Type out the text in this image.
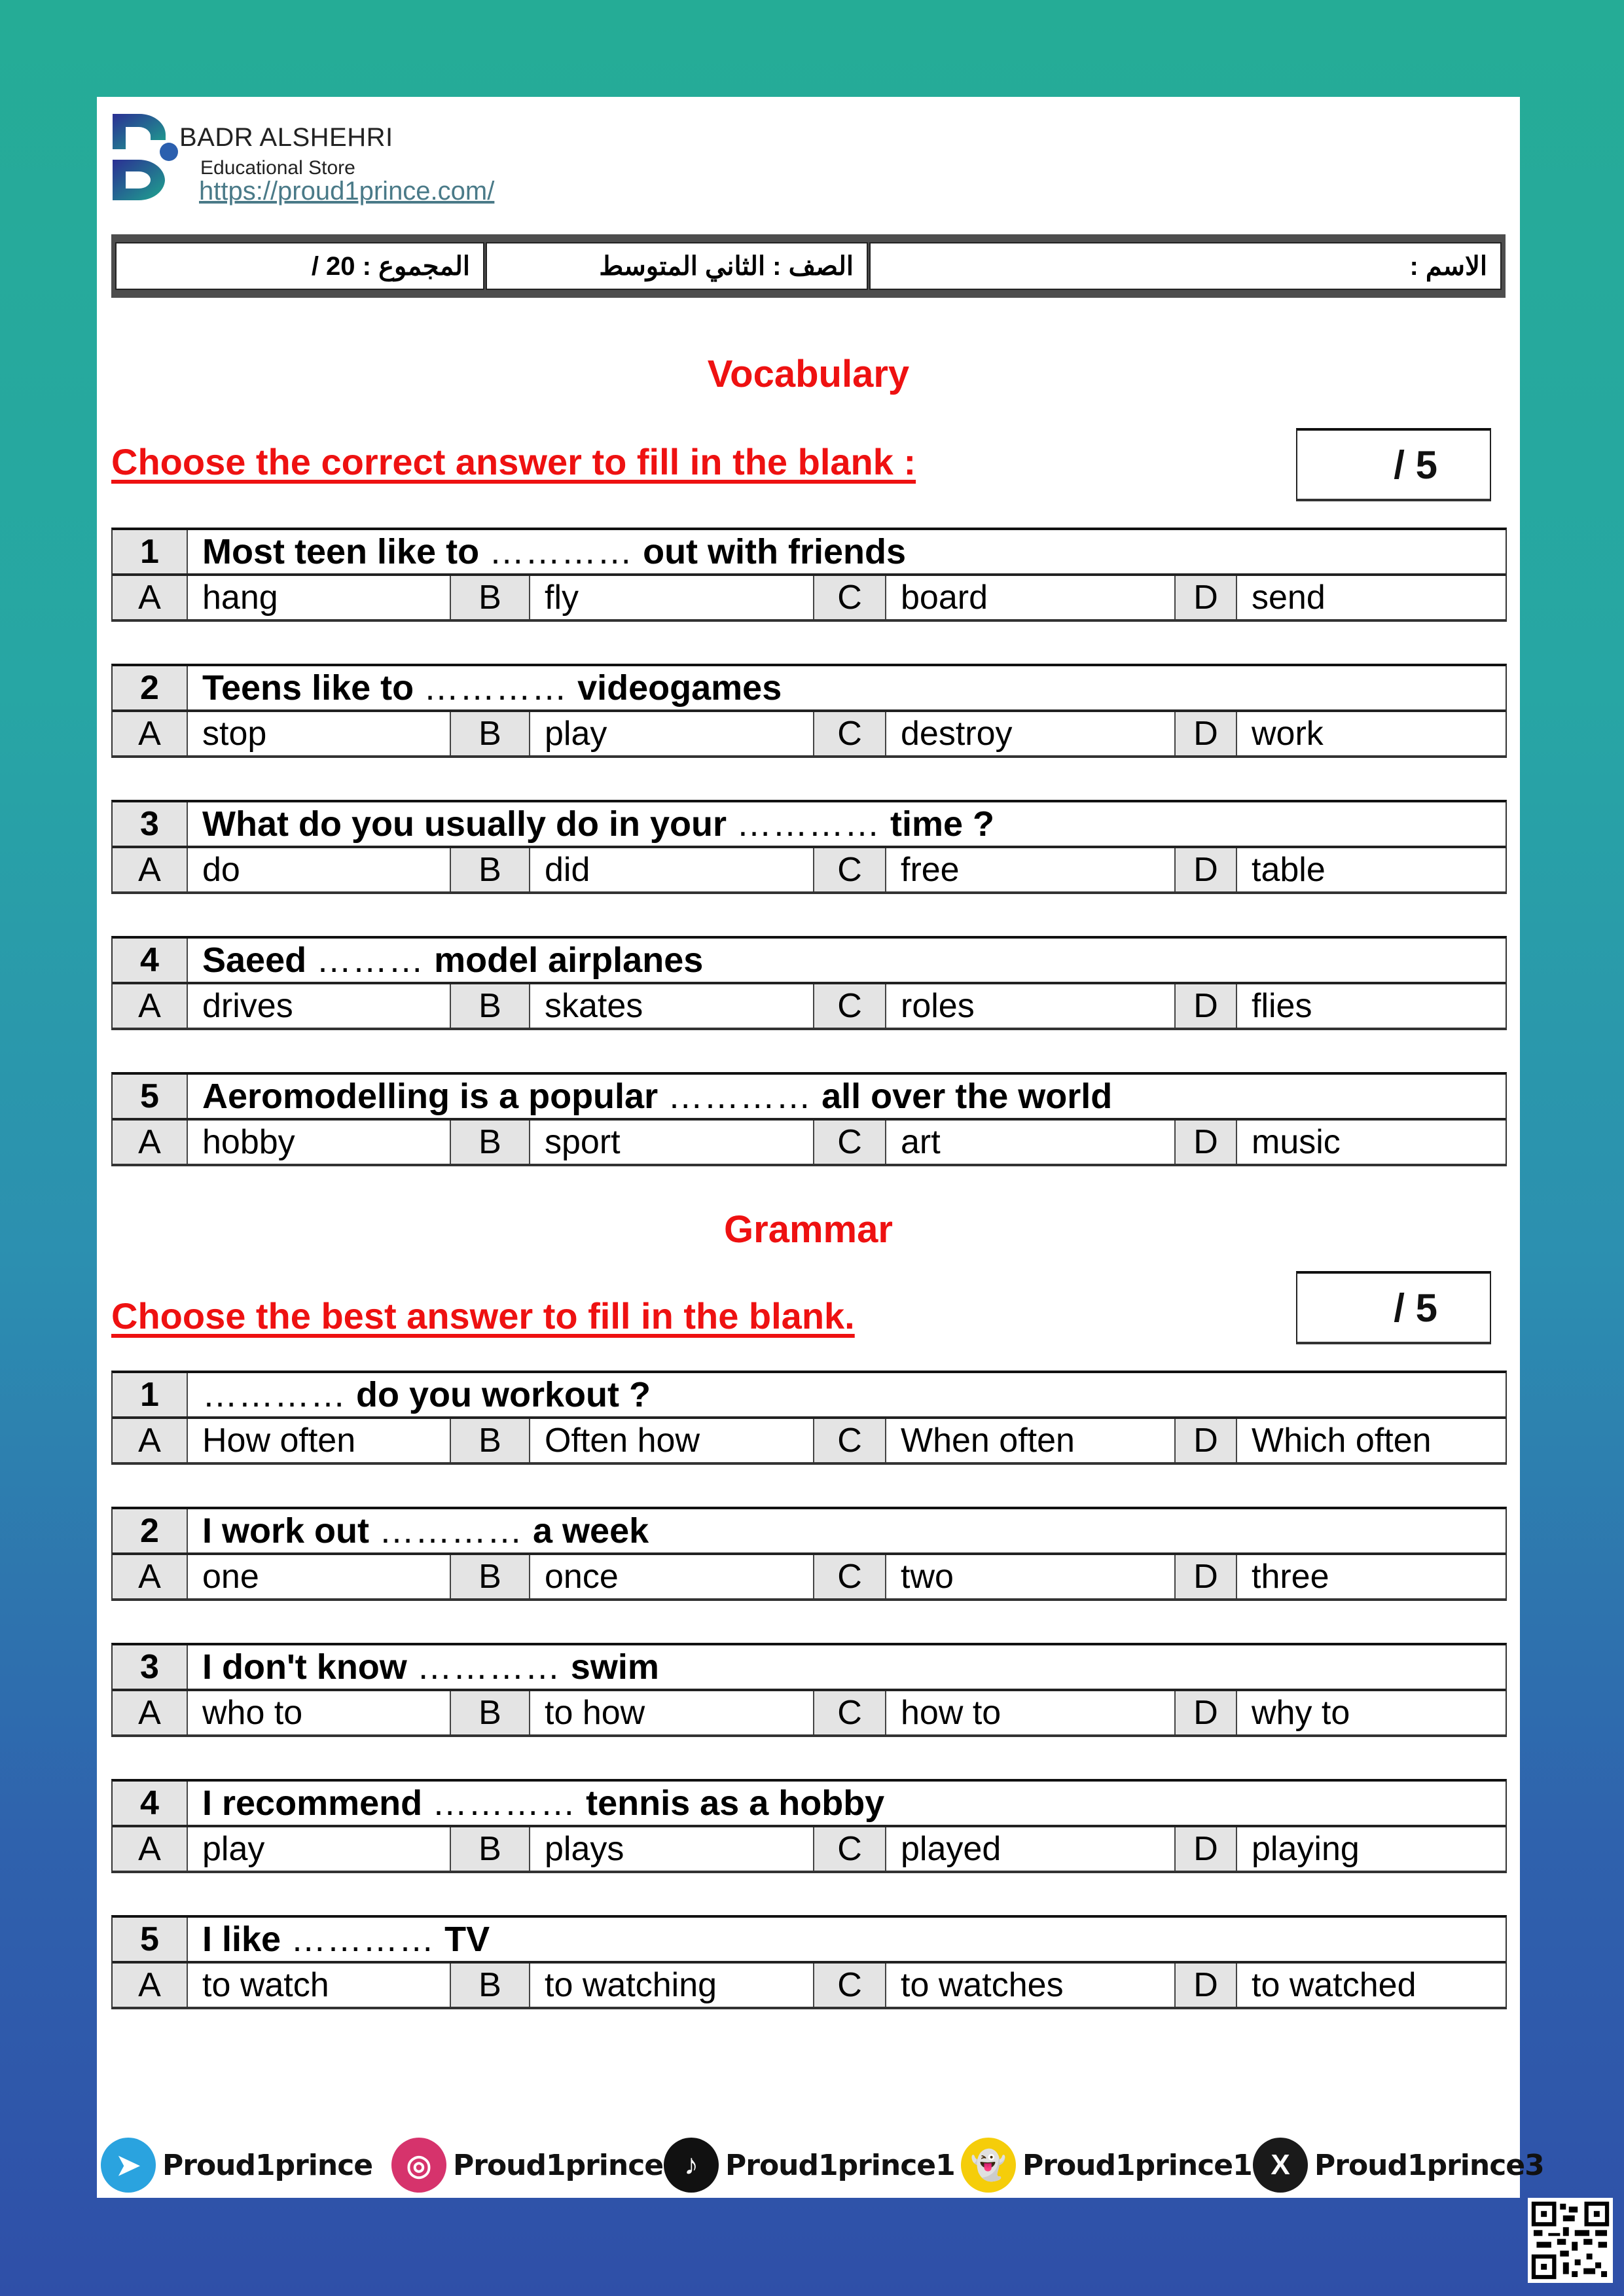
BADR ALSHEHRI
Educational Store
https://proud1prince.com/
المجموع : 20 /	الصف : الثاني المتوسط	الاسم :
Vocabulary
Choose the correct answer to fill in the blank :	/ 5
1	Most teen like to ………… out with friends
A	hang	B	fly	C	board	D send
2	Teens like to ………… videogames
A	stop	B	play	C	destroy	D work
3	What do you usually do in your ………… time ?
A	do	B	did	C	free	D table
4	Saeed ……… model airplanes
A	drives	B	skates	C	roles	D flies
5	Aeromodelling is a popular ………… all over the world
A	hobby	B	sport	C	art	D music
Grammar
Choose the best answer to fill in the blank.	/ 5
1	………… do you workout ?
A	How often	B	Often how	C	When often	D Which often
2	I work out ………… a week
A	one	B	once	C	two	D three
3	I don't know ………… swim
A	who to	B	to how	C	how to	D why to
4	I recommend ………… tennis as a hobby
A	play	B	plays	C	played	D playing
5	I like ………… TV
A	to watch	B	to watching	C	to watches	D to watched
➤ Proud1prince	◎ Proud1prince ♪ Proud1prince1 👻 Proud1prince1 X Proud1prince3
